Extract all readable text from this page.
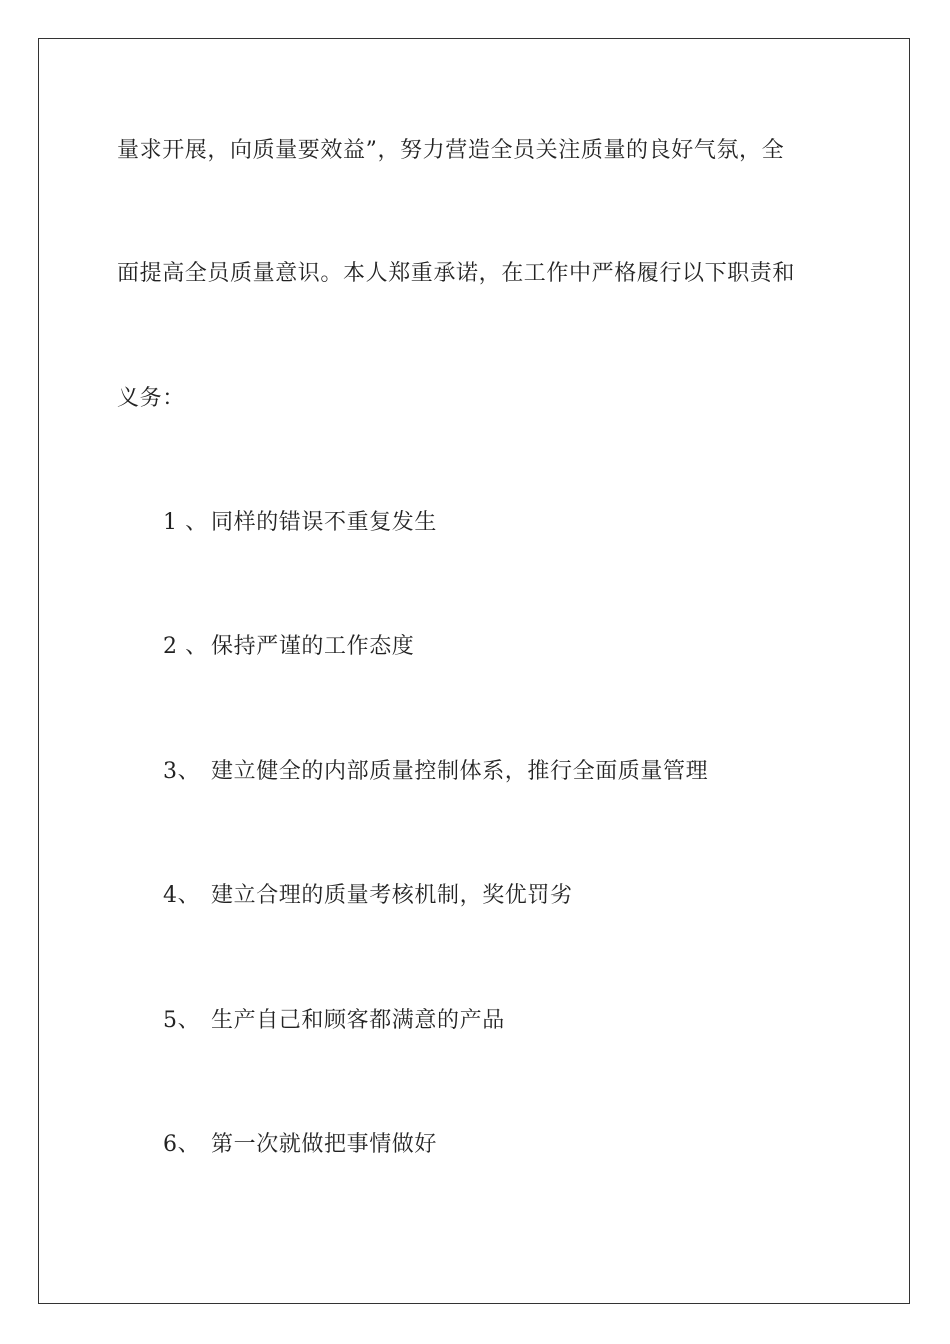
量求开展，向质量要效益”，努力营造全员关注质量的良好气氛，全
面提高全员质量意识。本人郑重承诺，在工作中严格履行以下职责和
义务：
1 、 同样的错误不重复发生
2 、 保持严谨的工作态度
3、 建立健全的内部质量控制体系，推行全面质量管理
4、 建立合理的质量考核机制，奖优罚劣
5、 生产自己和顾客都满意的产品
6、 第一次就做把事情做好
